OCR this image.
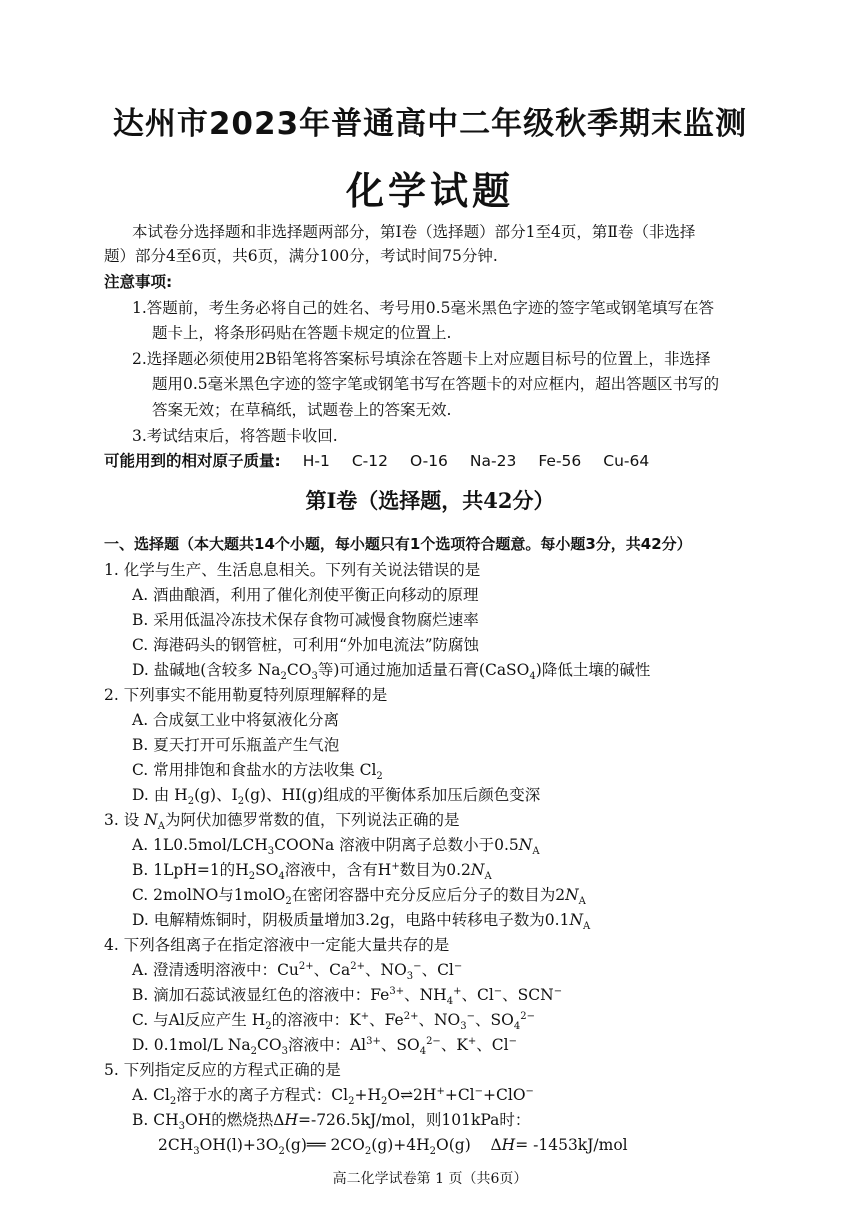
达州市2023年普通高中二年级秋季期末监测
化学试题
本试卷分选择题和非选择题两部分，第Ⅰ卷（选择题）部分1至4页，第Ⅱ卷（非选择
题）部分4至6页，共6页，满分100分，考试时间75分钟.
注意事项:
1.答题前，考生务必将自己的姓名、考号用0.5毫米黑色字迹的签字笔或钢笔填写在答
题卡上，将条形码贴在答题卡规定的位置上.
2.选择题必须使用2B铅笔将答案标号填涂在答题卡上对应题目标号的位置上，非选择
题用0.5毫米黑色字迹的签字笔或钢笔书写在答题卡的对应框内，超出答题区书写的
答案无效；在草稿纸，试题卷上的答案无效.
3.考试结束后，将答题卡收回.
可能用到的相对原子质量: H-1 C-12 O-16 Na-23 Fe-56 Cu-64
第Ⅰ卷（选择题，共42分）
一、选择题（本大题共14个小题，每小题只有1个选项符合题意。每小题3分，共42分）
1. 化学与生产、生活息息相关。下列有关说法错误的是
A. 酒曲酿酒，利用了催化剂使平衡正向移动的原理
B. 采用低温冷冻技术保存食物可减慢食物腐烂速率
C. 海港码头的钢管桩，可利用“外加电流法”防腐蚀
D. 盐碱地(含较多 $Na_2CO_3$等)可通过施加适量石膏(CaSO$_4$)降低土壤的碱性
2. 下列事实不能用勒夏特列原理解释的是
A. 合成氨工业中将氨液化分离
B. 夏天打开可乐瓶盖产生气泡
C. 常用排饱和食盐水的方法收集 $Cl_2$
D. 由 $H_2(g)$、$I_2(g)$、HI(g)组成的平衡体系加压后颜色变深
3. 设 $N_A$为阿伏加德罗常数的值，下列说法正确的是
A. $1L0.5mol/LCH_3COONa$ 溶液中阴离子总数小于$0.5N_A$
B. 1LpH=1的$H_2SO_4$溶液中，含有H+数目为$0.2N_A$
C. 2molNO与1molO$_2$在密闭容器中充分反应后分子的数目为$2N_A$
D. 电解精炼铜时，阴极质量增加3.2g，电路中转移电子数为$0.1N_A$
4. 下列各组离子在指定溶液中一定能大量共存的是
A. 澄清透明溶液中：$Cu^{2+}$、$Ca^{2+}$、$NO_3^-$、Cl−
B. 滴加石蕊试液显红色的溶液中：$Fe^{3+}$、$NH_4^+$、Cl−、SCN−
C. 与Al反应产生 $H_2$的溶液中：K+、$Fe^{2+}$、$NO_3^-$、$SO_4^{2-}$
D. 0.1mol/L $Na_2CO_3$溶液中：$Al^{3+}$、$SO_4^{2-}$、K+、Cl−
5. 下列指定反应的方程式正确的是
A. $Cl_2$溶于水的离子方程式：$Cl_2+H_2O\rightleftharpoons 2H^++Cl^-+ClO^-$
B. $CH_3OH$的燃烧热ΔH=-726.5kJ/mol，则101kPa时：
$2CH_3OH(l)+3O_2(g)══$ $2CO_2(g)+4H_2O(g)$    ΔH= -1453kJ/mol
高二化学试卷第 1 页（共6页）
